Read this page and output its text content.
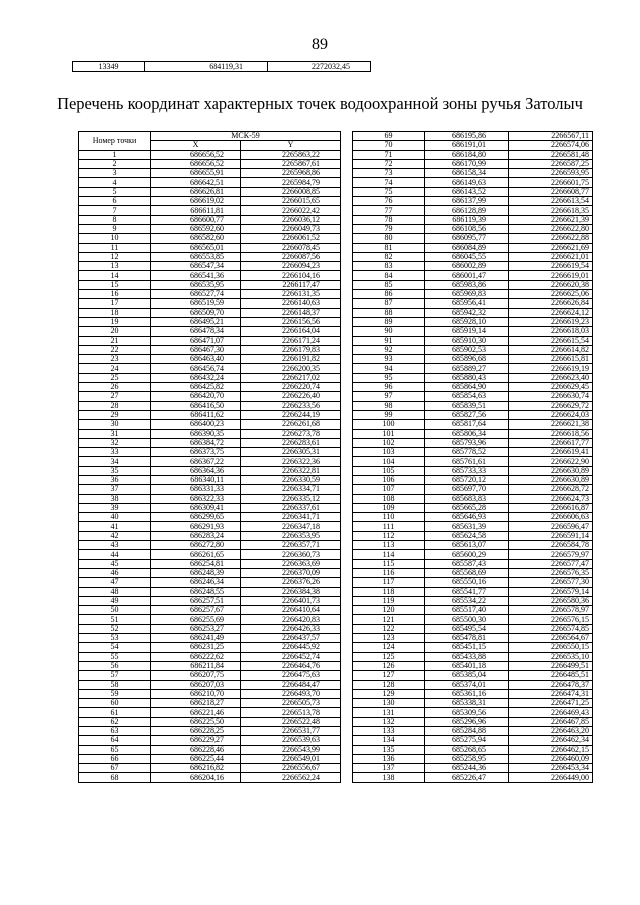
89
13349	684119,31	2272032,45
Перечень координат характерных точек водоохранной зоны ручья Затолыч
Номер точки	МСК-59	
	X	Y
1	686656,52	2265863,22
2	686656,52	2265867,61
3	686655,91	2265968,86
4	686642,51	2265984,79
5	686626,81	2266008,85
6	686619,02	2266015,65
7	686611,81	2266022,42
8	686600,77	2266036,12
9	686592,60	2266049,73
10	686582,60	2266061,52
11	686565,01	2266078,45
12	686553,85	2266087,56
13	686547,34	2266094,23
14	686541,36	2266104,16
15	686535,95	2266117,47
16	686527,74	2266131,35
17	686519,59	2266140,63
18	686509,70	2266148,37
19	686495,21	2266156,56
20	686478,34	2266164,04
21	686471,07	2266171,24
22	686467,30	2266179,83
23	686463,40	2266191,82
24	686456,74	2266200,35
25	686432,24	2266217,02
26	686425,82	2266220,74
27	686420,70	2266226,40
28	686416,50	2266233,56
29	686411,62	2266244,19
30	686400,23	2266261,68
31	686390,35	2266273,78
32	686384,72	2266283,61
33	686373,75	2266305,31
34	686367,22	2266322,36
35	686364,36	2266322,81
36	686340,11	2266330,59
37	686331,33	2266334,71
38	686322,33	2266335,12
39	686309,41	2266337,61
40	686299,65	2266341,71
41	686291,93	2266347,18
42	686283,24	2266353,95
43	686272,80	2266357,71
44	686261,65	2266360,73
45	686254,81	2266363,69
46	686248,39	2266370,09
47	686246,34	2266376,26
48	686248,55	2266384,38
49	686257,51	2266401,73
50	686257,67	2266410,64
51	686255,69	2266420,83
52	686253,27	2266426,33
53	686241,49	2266437,57
54	686231,25	2266445,92
55	686222,62	2266452,74
56	686211,84	2266464,76
57	686207,75	2266475,63
58	686207,03	2266484,47
59	686210,70	2266493,70
60	686218,27	2266505,73
61	686221,46	2266513,78
62	686225,50	2266522,48
63	686228,25	2266531,77
64	686229,27	2266539,63
65	686228,46	2266543,99
66	686225,44	2266549,01
67	686216,82	2266556,67
68	686204,16	2266562,24
69	686195,86	2266567,11
70	686191,01	2266574,06
71	686184,80	2266581,48
72	686170,99	2266587,25
73	686158,34	2266593,95
74	686149,63	2266601,75
75	686143,52	2266608,77
76	686137,99	2266613,54
77	686128,89	2266618,35
78	686119,39	2266621,39
79	686108,56	2266622,80
80	686095,77	2266622,88
81	686084,89	2266621,69
82	686045,55	2266621,01
83	686002,89	2266619,54
84	686001,47	2266619,01
85	685983,86	2266620,38
86	685969,83	2266625,06
87	685956,41	2266626,84
88	685942,32	2266624,12
89	685928,10	2266619,23
90	685919,14	2266618,03
91	685910,30	2266615,54
92	685902,53	2266614,82
93	685896,68	2266615,81
94	685889,27	2266619,19
95	685880,43	2266623,40
96	685864,90	2266629,45
97	685854,63	2266630,74
98	685839,51	2266629,72
99	685827,56	2266624,03
100	685817,64	2266621,38
101	685806,34	2266618,56
102	685793,96	2266617,77
103	685778,52	2266619,41
104	685761,61	2266622,90
105	685733,33	2266630,89
106	685720,12	2266630,89
107	685697,70	2266628,72
108	685683,83	2266624,73
109	685665,28	2266616,87
110	685646,93	2266606,63
111	685631,39	2266596,47
112	685624,58	2266591,14
113	685613,07	2266584,78
114	685600,29	2266579,97
115	685587,43	2266577,47
116	685568,69	2266576,35
117	685550,16	2266577,30
118	685541,77	2266579,14
119	685534,22	2266580,36
120	685517,40	2266578,97
121	685500,30	2266576,15
122	685495,54	2266574,85
123	685478,81	2266564,67
124	685451,15	2266550,15
125	685433,88	2266535,10
126	685401,18	2266499,51
127	685385,04	2266485,51
128	685374,01	2266478,37
129	685361,16	2266474,31
130	685338,31	2266471,25
131	685309,56	2266469,43
132	685296,96	2266467,85
133	685284,88	2266463,20
134	685275,94	2266462,34
135	685268,65	2266462,15
136	685258,95	2266460,09
137	685244,36	2266453,34
138	685226,47	2266449,00
